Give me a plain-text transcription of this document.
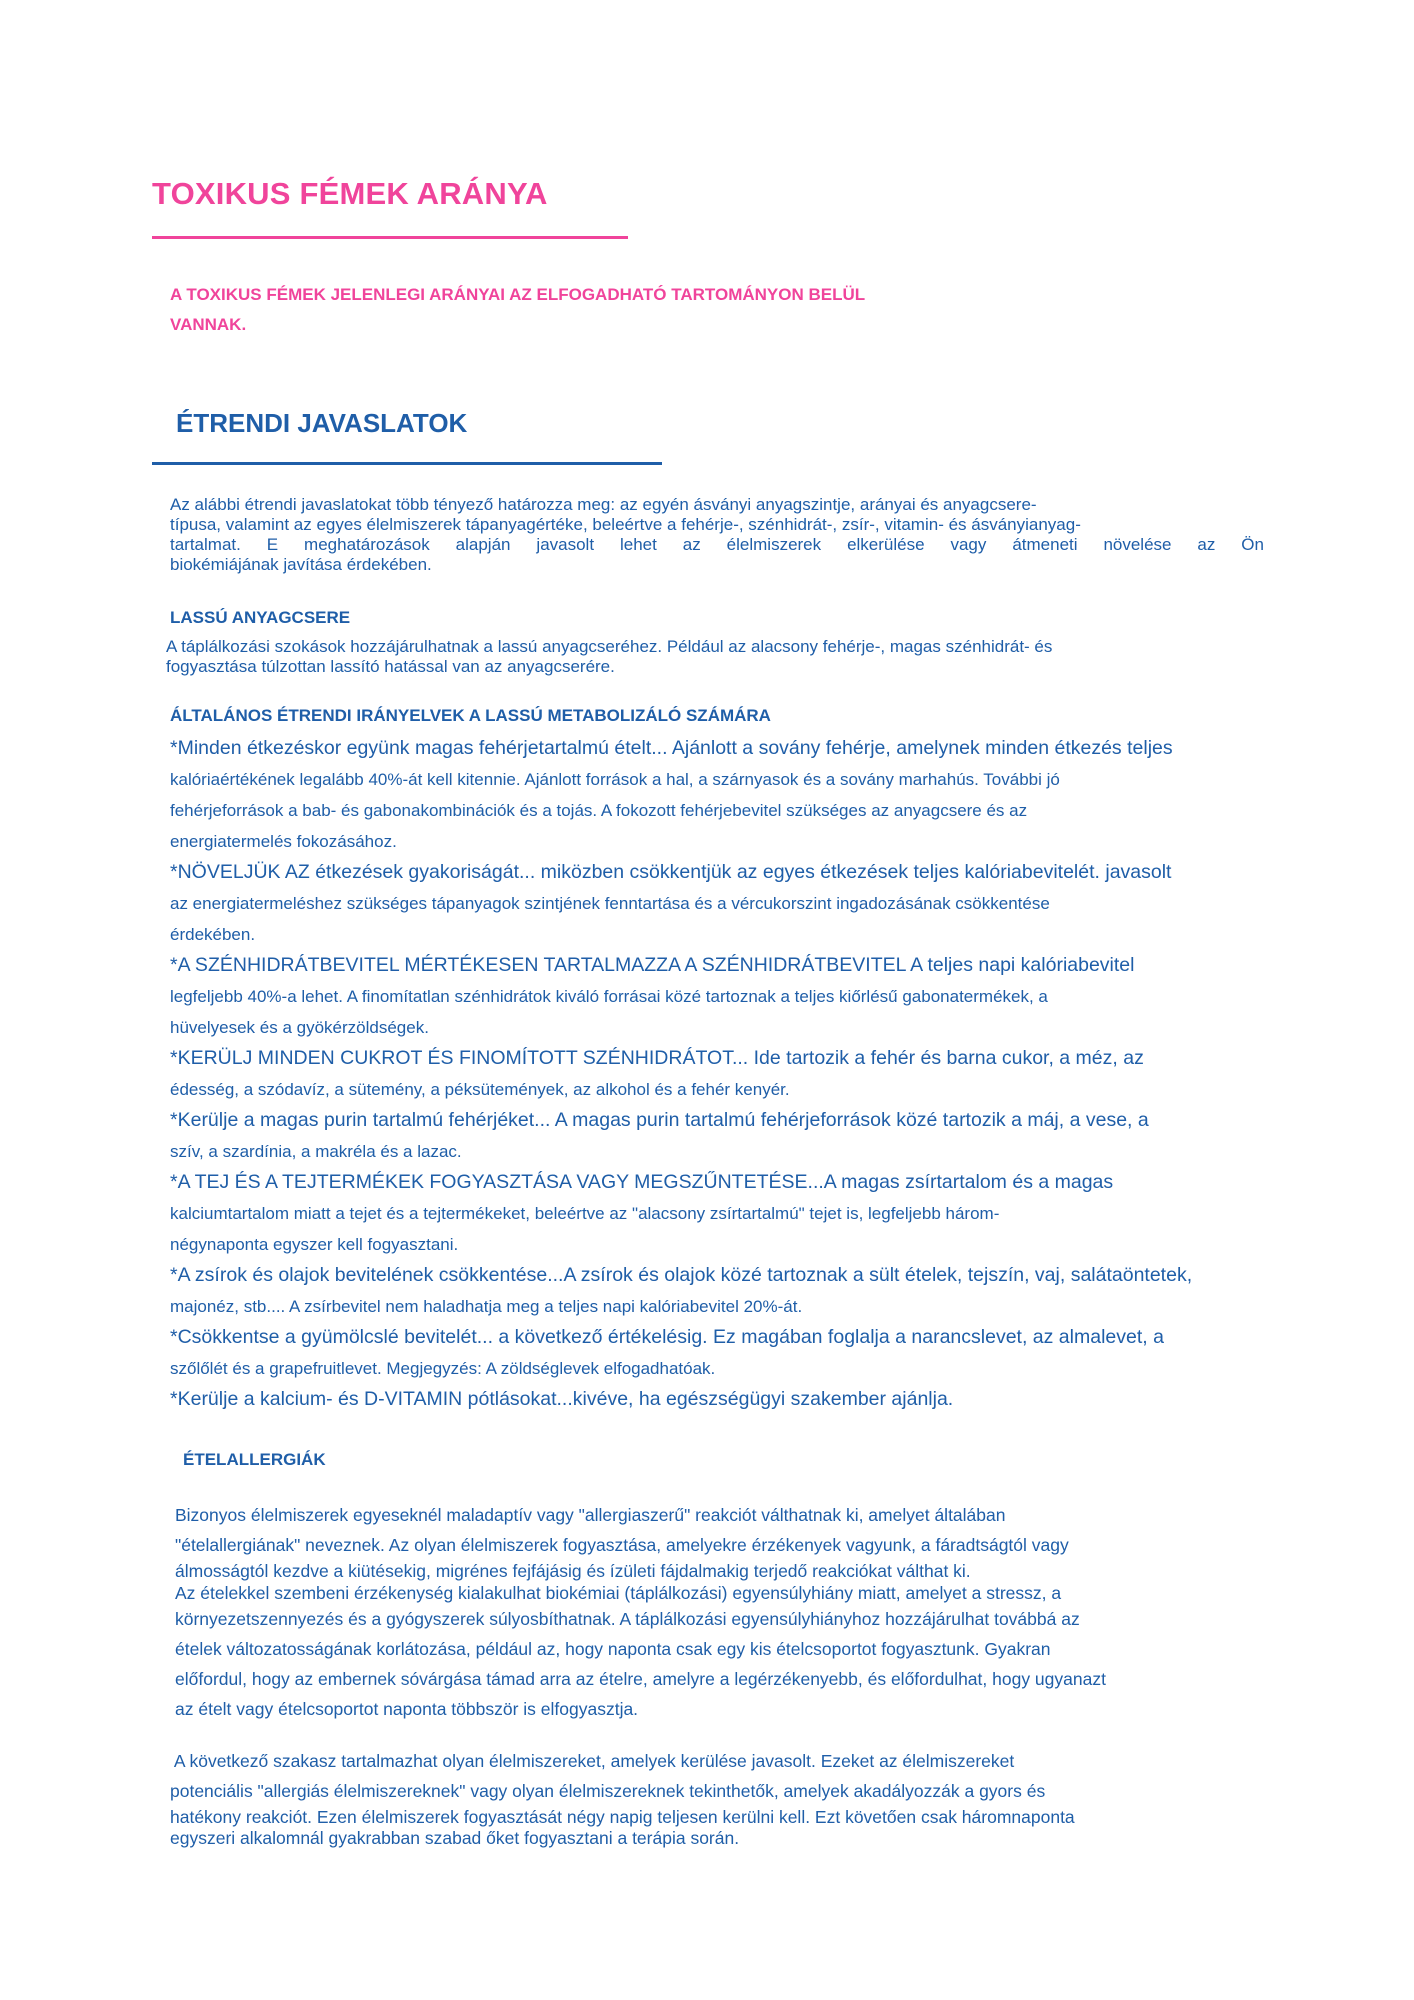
TOXIKUS FÉMEK ARÁNYA
A TOXIKUS FÉMEK JELENLEGI ARÁNYAI AZ ELFOGADHATÓ TARTOMÁNYON BELÜL
VANNAK.
ÉTRENDI JAVASLATOK
Az alábbi étrendi javaslatokat több tényező határozza meg: az egyén ásványi anyagszintje, arányai és anyagcsere-
típusa, valamint az egyes élelmiszerek tápanyagértéke, beleértve a fehérje-, szénhidrát-, zsír-, vitamin- és ásványianyag-
tartalmat. E meghatározások alapján javasolt lehet az élelmiszerek elkerülése vagy átmeneti növelése az Ön
biokémiájának javítása érdekében.
LASSÚ ANYAGCSERE
A táplálkozási szokások hozzájárulhatnak a lassú anyagcseréhez. Például az alacsony fehérje-, magas szénhidrát- és
fogyasztása túlzottan lassító hatással van az anyagcserére.
ÁLTALÁNOS ÉTRENDI IRÁNYELVEK A LASSÚ METABOLIZÁLÓ SZÁMÁRA
*Minden étkezéskor együnk magas fehérjetartalmú ételt... Ajánlott a sovány fehérje, amelynek minden étkezés teljes
kalóriaértékének legalább 40%-át kell kitennie. Ajánlott források a hal, a szárnyasok és a sovány marhahús. További jó
fehérjeforrások a bab- és gabonakombinációk és a tojás. A fokozott fehérjebevitel szükséges az anyagcsere és az
energiatermelés fokozásához.
*NÖVELJÜK AZ étkezések gyakoriságát... miközben csökkentjük az egyes étkezések teljes kalóriabevitelét. javasolt
az energiatermeléshez szükséges tápanyagok szintjének fenntartása és a vércukorszint ingadozásának csökkentése
érdekében.
*A SZÉNHIDRÁTBEVITEL MÉRTÉKESEN TARTALMAZZA A SZÉNHIDRÁTBEVITEL A teljes napi kalóriabevitel
legfeljebb 40%-a lehet. A finomítatlan szénhidrátok kiváló forrásai közé tartoznak a teljes kiőrlésű gabonatermékek, a
hüvelyesek és a gyökérzöldségek.
*KERÜLJ MINDEN CUKROT ÉS FINOMÍTOTT SZÉNHIDRÁTOT... Ide tartozik a fehér és barna cukor, a méz, az
édesség, a szódavíz, a sütemény, a péksütemények, az alkohol és a fehér kenyér.
*Kerülje a magas purin tartalmú fehérjéket... A magas purin tartalmú fehérjeforrások közé tartozik a máj, a vese, a
szív, a szardínia, a makréla és a lazac.
*A TEJ ÉS A TEJTERMÉKEK FOGYASZTÁSA VAGY MEGSZŰNTETÉSE...A magas zsírtartalom és a magas
kalciumtartalom miatt a tejet és a tejtermékeket, beleértve az "alacsony zsírtartalmú" tejet is, legfeljebb három-
négynaponta egyszer kell fogyasztani.
*A zsírok és olajok bevitelének csökkentése...A zsírok és olajok közé tartoznak a sült ételek, tejszín, vaj, salátaöntetek,
majonéz, stb.... A zsírbevitel nem haladhatja meg a teljes napi kalóriabevitel 20%-át.
*Csökkentse a gyümölcslé bevitelét... a következő értékelésig. Ez magában foglalja a narancslevet, az almalevet, a
szőlőlét és a grapefruitlevet. Megjegyzés: A zöldséglevek elfogadhatóak.
*Kerülje a kalcium- és D-VITAMIN pótlásokat...kivéve, ha egészségügyi szakember ajánlja.
ÉTELALLERGIÁK
Bizonyos élelmiszerek egyeseknél maladaptív vagy "allergiaszerű" reakciót válthatnak ki, amelyet általában
"ételallergiának" neveznek. Az olyan élelmiszerek fogyasztása, amelyekre érzékenyek vagyunk, a fáradtságtól vagy
álmosságtól kezdve a kiütésekig, migrénes fejfájásig és ízületi fájdalmakig terjedő reakciókat válthat ki.
Az ételekkel szembeni érzékenység kialakulhat biokémiai (táplálkozási) egyensúlyhiány miatt, amelyet a stressz, a
környezetszennyezés és a gyógyszerek súlyosbíthatnak. A táplálkozási egyensúlyhiányhoz hozzájárulhat továbbá az
ételek változatosságának korlátozása, például az, hogy naponta csak egy kis ételcsoportot fogyasztunk. Gyakran
előfordul, hogy az embernek sóvárgása támad arra az ételre, amelyre a legérzékenyebb, és előfordulhat, hogy ugyanazt
az ételt vagy ételcsoportot naponta többször is elfogyasztja.
A következő szakasz tartalmazhat olyan élelmiszereket, amelyek kerülése javasolt. Ezeket az élelmiszereket
potenciális "allergiás élelmiszereknek" vagy olyan élelmiszereknek tekinthetők, amelyek akadályozzák a gyors és
hatékony reakciót. Ezen élelmiszerek fogyasztását négy napig teljesen kerülni kell. Ezt követően csak háromnaponta
egyszeri alkalomnál gyakrabban szabad őket fogyasztani a terápia során.
